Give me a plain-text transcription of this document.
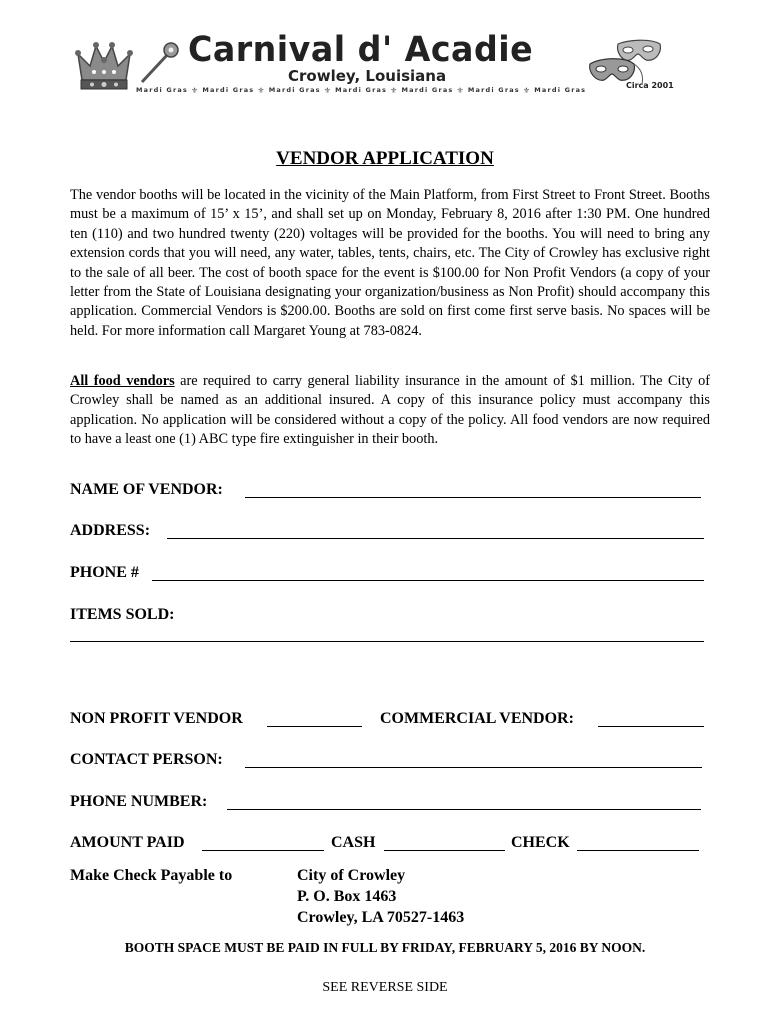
Carnival d' Acadie
Crowley, Louisiana
Mardi Gras ⚜ Mardi Gras ⚜ Mardi Gras ⚜ Mardi Gras ⚜ Mardi Gras ⚜ Mardi Gras ⚜ Mardi Gras	Circa 2001
VENDOR APPLICATION
The vendor booths will be located in the vicinity of the Main Platform, from First Street to Front Street. Booths must be a maximum of 15’ x 15’, and shall set up on Monday, February 8, 2016 after 1:30 PM. One hundred ten (110) and two hundred twenty (220) voltages will be provided for the booths. You will need to bring any extension cords that you will need, any water, tables, tents, chairs, etc. The City of Crowley has exclusive right to the sale of all beer. The cost of booth space for the event is $100.00 for Non Profit Vendors (a copy of your letter from the State of Louisiana designating your organization/business as Non Profit) should accompany this application. Commercial Vendors is $200.00. Booths are sold on first come first serve basis. No spaces will be held. For more information call Margaret Young at 783-0824.
All food vendors are required to carry general liability insurance in the amount of $1 million. The City of Crowley shall be named as an additional insured. A copy of this insurance policy must accompany this application. No application will be considered without a copy of the policy. All food vendors are now required to have a least one (1) ABC type fire extinguisher in their booth.
NAME OF VENDOR:
ADDRESS:
PHONE #
ITEMS SOLD:
NON PROFIT VENDOR	COMMERCIAL VENDOR:
CONTACT PERSON:
PHONE NUMBER:
AMOUNT PAID	CASH	CHECK
Make Check Payable to	City of Crowley
P. O. Box 1463
Crowley, LA 70527-1463
BOOTH SPACE MUST BE PAID IN FULL BY FRIDAY, FEBRUARY 5, 2016 BY NOON.
SEE REVERSE SIDE
